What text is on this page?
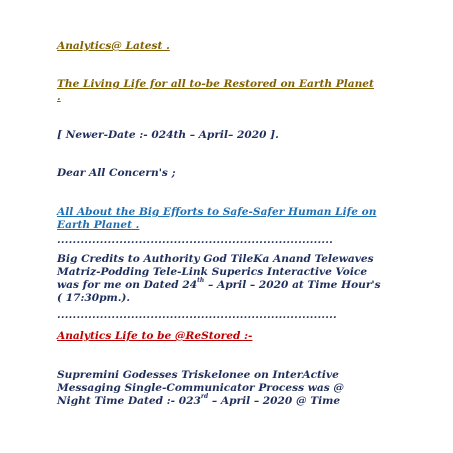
Analytics@ Latest .

The Living Life for all to-be Restored on Earth Planet

.

[ Newer-Date :- 024th – April– 2020 ].

Dear All Concern's ;

All About the Big Efforts to Safe-Safer Human Life on

Earth Planet .

.......................................................................

Big Credits to Authority God TileKa Anand Telewaves

Matriz-Podding Tele-Link Superics Interactive Voice

was for me on Dated 24th – April – 2020 at Time Hour's

( 17:30pm.).

........................................................................

Analytics Life to be @ReStored :-

Supremini Godesses Triskelonee on InterActive

Messaging Single-Communicator Process was @

Night Time Dated :- 023rd – April – 2020 @ Time
